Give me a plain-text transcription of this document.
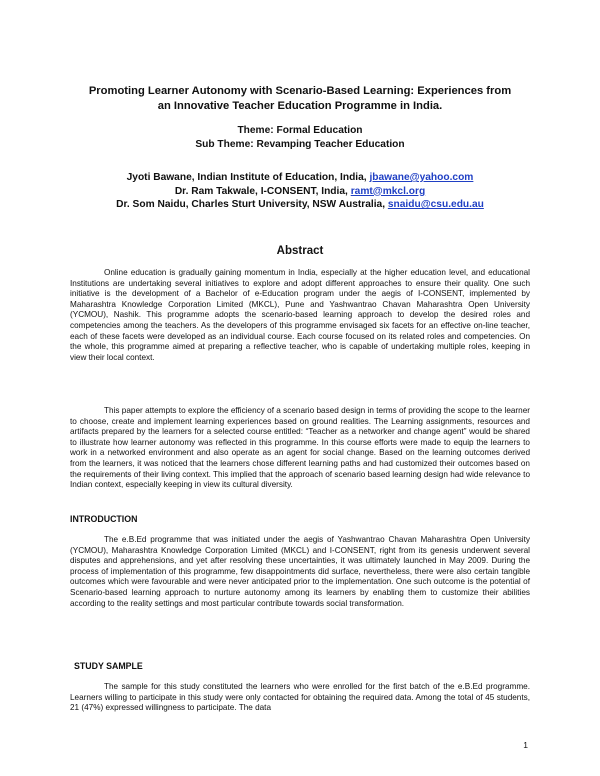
Promoting Learner Autonomy with Scenario-Based Learning: Experiences from
an Innovative Teacher Education Programme in India.
Theme: Formal Education
Sub Theme: Revamping Teacher Education
Jyoti Bawane, Indian Institute of Education, India, jbawane@yahoo.com
Dr. Ram Takwale, I-CONSENT, India, ramt@mkcl.org
Dr. Som Naidu, Charles Sturt University, NSW Australia, snaidu@csu.edu.au
Abstract

Online education is gradually gaining momentum in India, especially at the higher education level, and educational Institutions are undertaking several initiatives to explore and adopt different approaches to ensure their quality. One such initiative is the development of a Bachelor of e-Education program under the aegis of I-CONSENT, implemented by Maharashtra Knowledge Corporation Limited (MKCL), Pune and Yashwantrao Chavan Maharashtra Open University (YCMOU), Nashik. This programme adopts the scenario-based learning approach to develop the desired roles and competencies among the teachers. As the developers of this programme envisaged six facets for an effective on-line teacher, each of these facets were developed as an individual course. Each course focused on its related roles and competencies. On the whole, this programme aimed at preparing a reflective teacher, who is capable of undertaking multiple roles, keeping in view their local context.

This paper attempts to explore the efficiency of a scenario based design in terms of providing the scope to the learner to choose, create and implement learning experiences based on ground realities. The Learning assignments, resources and artifacts prepared by the learners for a selected course entitled: “Teacher as a networker and change agent” would be shared to illustrate how learner autonomy was reflected in this programme. In this course efforts were made to equip the learners to work in a networked environment and also operate as an agent for social change. Based on the learning outcomes derived from the learners, it was noticed that the learners chose different learning paths and had customized their outcomes based on the requirements of their living context. This implied that the approach of scenario based learning design had wide relevance to Indian context, especially keeping in view its cultural diversity.

INTRODUCTION

The e.B.Ed programme that was initiated under the aegis of Yashwantrao Chavan Maharashtra Open University (YCMOU), Maharashtra Knowledge Corporation Limited (MKCL) and I-CONSENT, right from its genesis underwent several disputes and apprehensions, and yet after resolving these uncertainties, it was ultimately launched in May 2009. During the process of implementation of this programme, few disappointments did surface, nevertheless, there were also certain tangible outcomes which were favourable and were never anticipated prior to the implementation. One such outcome is the potential of Scenario-based learning approach to nurture autonomy among its learners by enabling them to customize their abilities according to the reality settings and most particular contribute towards social transformation.

STUDY SAMPLE

The sample for this study constituted the learners who were enrolled for the first batch of the e.B.Ed programme. Learners willing to participate in this study were only contacted for obtaining the required data. Among the total of 45 students, 21 (47%) expressed willingness to participate. The data

1
